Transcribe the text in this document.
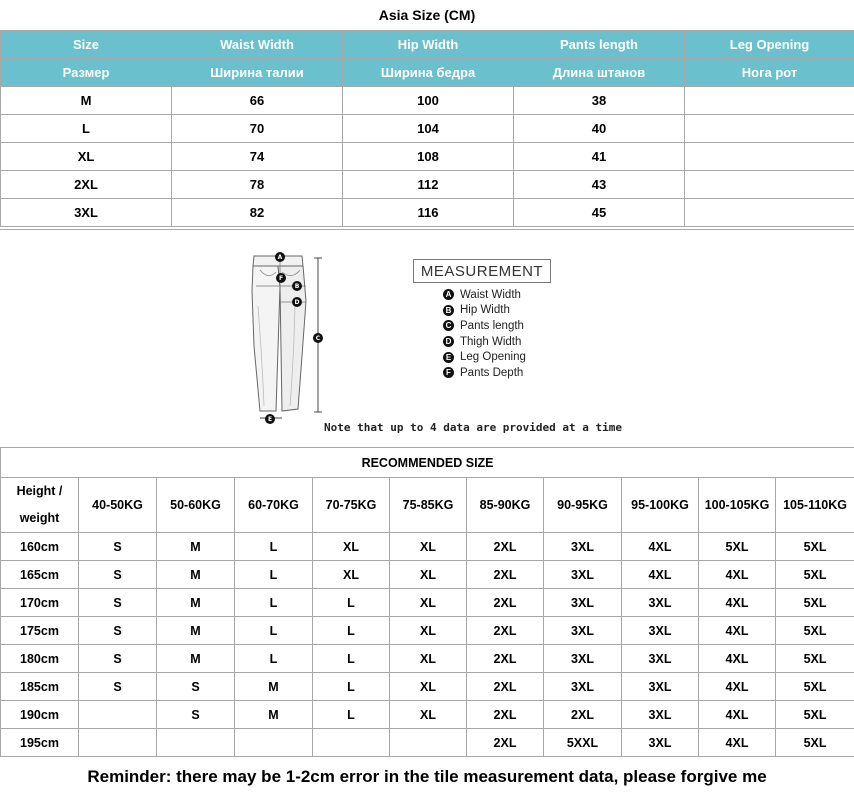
Asia Size (CM)
Size	Waist Width	Hip Width	Pants length	Leg Opening
Размер	Ширина талии	Ширина бедра	Длина штанов	Нога рот
M	66	100	38	
L	70	104	40	
XL	74	108	41	
2XL	78	112	43	
3XL	82	116	45	
A
F
B
D
C
E
MEASUREMENT
A Waist Width
B Hip Width
C Pants length
D Thigh Width
E Leg Opening
F Pants Depth
Note that up to 4 data are provided at a time
RECOMMENDED SIZE										

Height /
weight	40-50KG	50-60KG	60-70KG	70-75KG	75-85KG	85-90KG	90-95KG	95-100KG	100-105KG	105-110KG
160cm	S	M	L	XL	XL	2XL	3XL	4XL	5XL	5XL
165cm	S	M	L	XL	XL	2XL	3XL	4XL	4XL	5XL
170cm	S	M	L	L	XL	2XL	3XL	3XL	4XL	5XL
175cm	S	M	L	L	XL	2XL	3XL	3XL	4XL	5XL
180cm	S	M	L	L	XL	2XL	3XL	3XL	4XL	5XL
185cm	S	S	M	L	XL	2XL	3XL	3XL	4XL	5XL
190cm		S	M	L	XL	2XL	2XL	3XL	4XL	5XL
195cm						2XL	5XXL	3XL	4XL	5XL
Reminder: there may be 1-2cm error in the tile measurement data, please forgive me
